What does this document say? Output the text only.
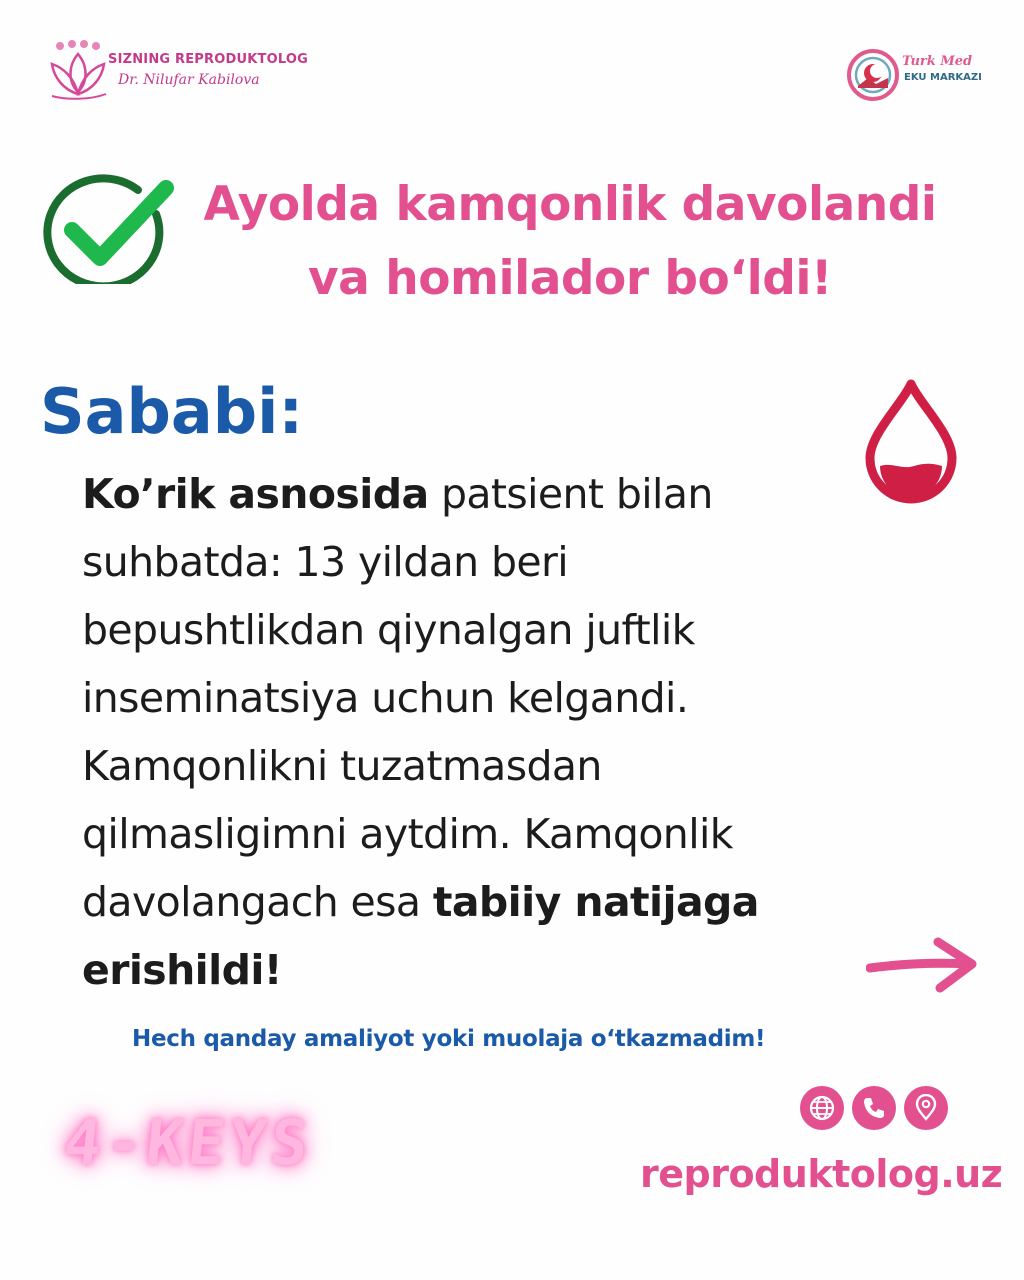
SIZNING REPRODUKTOLOG
Dr. Nilufar Kabilova
Turk Med
EKU MARKAZI
Ayolda kamqonlik davolandi
va homilador bo‘ldi!
Sababi:
Ko’rik asnosida patsient bilan
suhbatda: 13 yildan beri
bepushtlikdan qiynalgan juftlik
inseminatsiya uchun kelgandi.
Kamqonlikni tuzatmasdan
qilmasligimni aytdim. Kamqonlik
davolangach esa tabiiy natijaga
erishildi!
Hech qanday amaliyot yoki muolaja o‘tkazmadim!
4-KEYS	reproduktolog.uz
